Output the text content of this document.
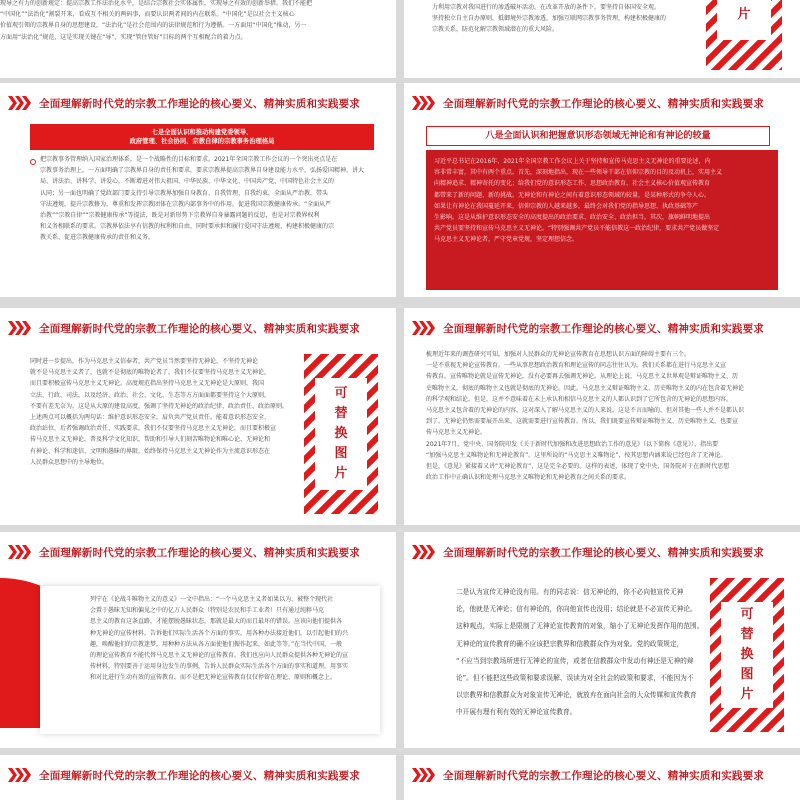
现导之有力的创新规定：提高宗教工作法治化水平，是结合宗教社会实体属性，实现导之有效的创新举措。我们不能把
“中国化”“法治化”割裂开来，看成互不相关的两码事，而要认识两者间的内在联系。“中国化”是以社会主义核心
价值观引领的宗教界自身的思想建设，“法治化”是社会范围内的法律规范和行为遵循。一方面用“中国化”推动，另一
方面用“法治化”规范，这是实现关键在“导”、实现“管住管好”目标的两个互相配合的着力点。
力利用宗教对我国进行的渗透破坏活动，在改革开放的条件下，要坚持自体国安全观。
坚持独立自主自办原则，抵御境外宗教渗透，加强互联网宗教事务管理，构建积极健康的
宗教关系，防范化解宗教领域潜在的重大风险。
片
全面理解新时代党的宗教工作理论的核心要义、精神实质和实践要求
七是全面认识和推动构建党委领导、
政府管理、社会协同、宗教自律的宗教事务治理格局
把宗教事务管理纳入国家治理体系，是一个战略性的目标和要求。2021年全国宗教工作会议的一个突出亮点是在
宗教事务治理上，一方面明确了宗教界自身的责任和要求，要求宗教界提高宗教界自身建设能力水平，弘扬爱国精神，讲大
局、讲法治、讲科学、讲爱心，不断增进对伟大祖国、中华民族、中华文化、中国共产党、中国特色社会主义的
认同；另一面也明确了党政部门要支持引导宗教界加强自身教育、自我管理、自我约束，全面从严治教，带头
守法遵规，提升宗教修为，尊重和发挥宗教团体在宗教内部事务中的作用，促进我国宗教健康传承。“全面从严
治教”“宗教自律”“宗教健康传承”等提法，既是对新形势下宗教界自身暴露问题的反思，也是对宗教界权利
和义务相联系的要求。宗教界依法享有信教的权利和自由，同时要承担和履行爱国守法遵规、构建积极健康的宗
教关系、促进宗教健康传承的责任和义务。
全面理解新时代党的宗教工作理论的核心要义、精神实质和实践要求
八是全面认识和把握意识形态领域无神论和有神论的较量
习近平总书记在2016年、2021年全国宗教工作会议上关于坚持和宣传马克思主义无神论的重要论述，内
容非常丰富，其中有两个重点。首先，深刻地指出，现在一些领导干部在信仰宗教的目的及动机上，实用主义
向精神追求、精神寄托的变化；给我们党的意识形态工作、思想政治教育、社会主义核心价值观宣传教育
都带来了新的问题、新的挑战。无神论和有神论之间有着意识形态领域的较量，是某种形式的争夺人心。
如果让有神论在我国蔓延开来，信仰宗教的人越来越多，最终会对我们党的指导思想、执政基础等产
生影响。这是从维护意识形态安全的高度提出的政治要求、政治安全、政治担当。其次，旗帜鲜明地提出
共产党员要坚持和宣传马克思主义无神论。“特别强调共产党员不能信教这一政治纪律，要求共产党员做坚定
马克思主义无神论者，严守党章党规，坚定理想信念。
全面理解新时代党的宗教工作理论的核心要义、精神实质和实践要求
同时进一步提出，作为马克思主义信奉者，共产党员当然要坚持无神论，不坚持无神论
就不是马克思主义者了，也就不是彻底的唯物论者了。我们不仅要坚持马克思主义无神论，
而且要积极宣传马克思主义无神论。高度规范指出坚持马克思主义无神论是大原则，我国
立法、行政、司法，以及经济、政治、社会、文化、生态等方方面面都要坚持这个大原则，
不要有差无奈为。这是从大原的建设高度，强调了坚持无神论的政治纪律、政治责任、政治原则。
上述两点可以概括为两句话：维护意识形态安全，肩负共产党员责任。能着意识形态安全、
政治站位，后者强调政治责任、实践要求。我们不仅要坚持马克思主义无神论，而且要积极宣
传马克思主义无神论，普及科学文化知识，帮助和引导人们刻苦唯物论和唯心论、无神论和
有神论、科学和迷信、文明和愚昧的界限，始终保持马克思主义无神论作为主流意识形态在
人民群众思想中的主导地位。
可
替
换
图
片
全面理解新时代党的宗教工作理论的核心要义、精神实质和实践要求
梳理近年来的调查研究可知，加强对人民群众的无神论宣传教育在思想认识方面的障碍主要有三个。
一是不重视无神论宣传教育。一些从事思想政治教育和理论宣传的同志往往认为，我们关系都在进行马克思主义宣
传教育，宣传唯物论就是宣传无神论，没有必要再去强调无神论。从理论上说，马克思主义世界观是辩证唯物主义、历
史唯物主义，彻底的唯物主义也就是彻底的无神论。因此，马克思主义辩证唯物主义、历史唯物主义的内在包含着无神论
的科学观和结论。但是，这并不意味着在未上承认和相信马克思主义的人都认识到了它所包含的无神论的思想内容。
马克思主义包含着的无神论的内容，这对深入了解马克思主义的人来说，这是不言而喻的，但对其他一些人并不是都认识
到了。无神论仍然需要展开出来，这就需要进行宣传教育。所以，我们既要宣传辩证唯物主义、历史唯物主义，也要宣
传马克思主义无神论。
2021年7月，党中央、国务院印发《关于新时代加强和改进思想政治工作的意见》（以下简称《意见》），指出要
“加强马克思主义唯物论和无神论教育”。这里所说的“马克思主义唯物论”，按其思想内涵来说已经包含了无神论。
但是，《意见》紧接着又讲“无神论教育”，这是完全必要的。这样的表述，体现了党中央、国务院对于在新时代思想
政治工作中正确认识和处理马克思主义唯物论和无神论教育之间关系的要求。
全面理解新时代党的宗教工作理论的核心要义、精神实质和实践要求
列宁在《论战斗唯物主义的意义》一文中指出：“一个马克思主义者如果以为，被整个现代社
会置于愚昧无知和偏见之中的亿万人民群众（特别是农民和手工业者）只有通过纯粹马克
思主义的教育这条直路，才能摆脱愚昧状态，那就是最大的而且最坏的错误。应该向他们提供各
种无神论的宣传材料，告诉他们实际生活各个方面的事实，用各种办法接近他们，以引起他们的兴
趣，唤醒他们的宗教迷梦，用种种方法从各方面使他们振作起来，如此等等。”在当代中国，一般
的理论宣传教育不能代替马克思主义无神论的宣传教育。我们也应向人民群众提供各种无神论的宣
传材料，特别要善于运用身边发生的事例，告诉人民群众实际生活各个方面的事实和道理，用事实
和对比进行生动有效的宣传教育，而不是把无神论宣传教育仅仅停留在理论、原则和概念上。
全面理解新时代党的宗教工作理论的核心要义、精神实质和实践要求
二是认为宣传无神论没有用。有的同志说：信无神论的，你不必向他宣传无神
论，他就是无神论；信有神论的，你向他宣传也没用；结论就是不必宣传无神论。
这种观点，实际上是限制了无神论宣传教育的对象，缩小了无神论发挥作用的范围。
无神论的宣传教育的确不应该把宗教界和信教群众作为对象。党的政策规定，
“不应当到宗教场所进行无神论的宣传，或者在信教群众中发动有神还是无神的辩
论”。但不能把这些政策和要求误解、误读为对全社会的政策和要求，不能因为不
以宗教界和信教群众为对象宣传无神论，就放弃在面向社会的大众传媒和宣传教育
中开展有理有利有效的无神论宣传教育。
可
替
换
图
片
全面理解新时代党的宗教工作理论的核心要义、精神实质和实践要求	全面理解新时代党的宗教工作理论的核心要义、精神实质和实践要求
